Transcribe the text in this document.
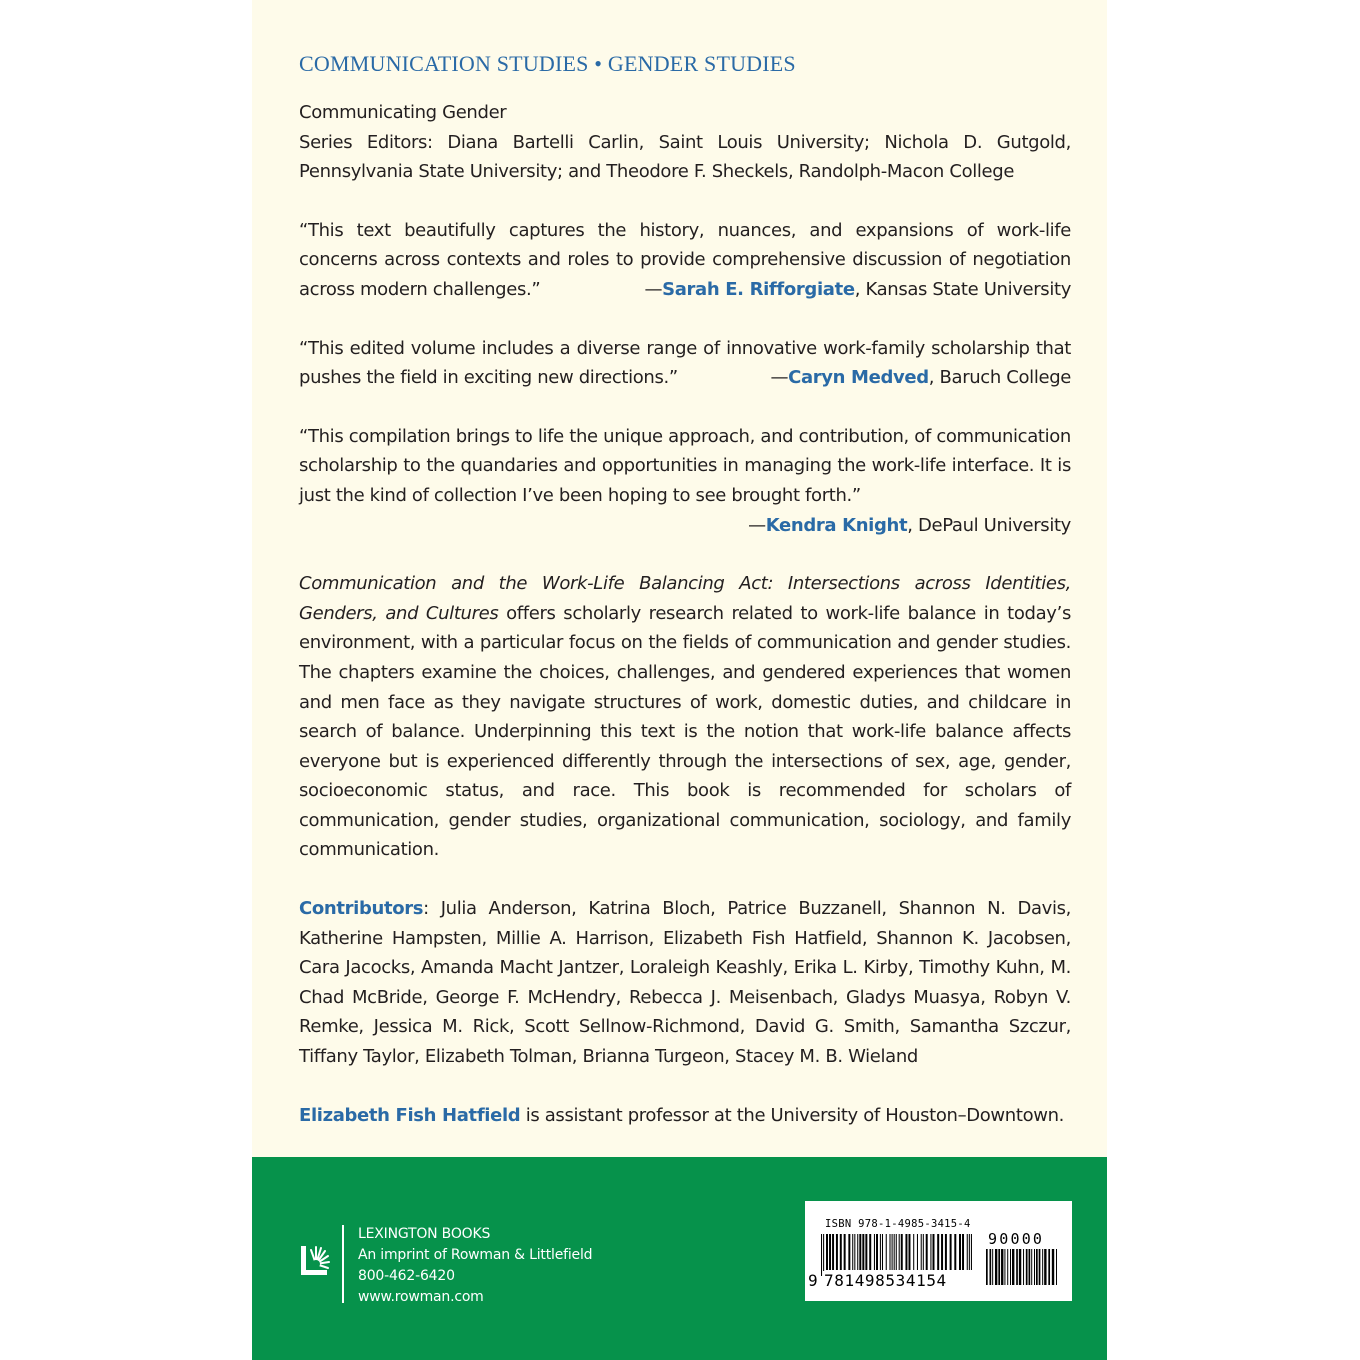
COMMUNICATION STUDIES • GENDER STUDIES

Communicating Gender

Series Editors: Diana Bartelli Carlin, Saint Louis University; Nichola D. Gutgold, Pennsylvania State University; and Theodore F. Sheckels, Randolph-Macon College

“This text beautifully captures the history, nuances, and expansions of work-life concerns across contexts and roles to provide comprehensive discussion of negotiation across modern challenges.”	—Sarah E. Rifforgiate, Kansas State University

“This edited volume includes a diverse range of innovative work-family scholarship that pushes the field in exciting new directions.”	—Caryn Medved, Baruch College

“This compilation brings to life the unique approach, and contribution, of communication scholarship to the quandaries and opportunities in managing the work-life interface. It is just the kind of collection I’ve been hoping to see brought forth.”

—Kendra Knight, DePaul University

Communication and the Work-Life Balancing Act: Intersections across Identities, Genders, and Cultures offers scholarly research related to work-life balance in today’s environment, with a particular focus on the fields of communication and gender studies. The chapters examine the choices, challenges, and gendered experiences that women and men face as they navigate structures of work, domestic duties, and childcare in search of balance. Underpinning this text is the notion that work-life balance affects everyone but is experienced differently through the intersections of sex, age, gender, socioeconomic status, and race. This book is recommended for scholars of communication, gender studies, organizational communication, sociology, and family communication.

Contributors: Julia Anderson, Katrina Bloch, Patrice Buzzanell, Shannon N. Davis, Katherine Hampsten, Millie A. Harrison, Elizabeth Fish Hatfield, Shannon K. Jacobsen, Cara Jacocks, Amanda Macht Jantzer, Loraleigh Keashly, Erika L. Kirby, Timothy Kuhn, M. Chad McBride, George F. McHendry, Rebecca J. Meisenbach, Gladys Muasya, Robyn V. Remke, Jessica M. Rick, Scott Sellnow-Richmond, David G. Smith, Samantha Szczur, Tiffany Taylor, Elizabeth Tolman, Brianna Turgeon, Stacey M. B. Wieland

Elizabeth Fish Hatfield is assistant professor at the University of Houston–Downtown.

LEXINGTON BOOKS
An imprint of Rowman & Littlefield
800-462-6420
www.rowman.com
ISBN 978-1-4985-3415-4
90000
9 781498534154
